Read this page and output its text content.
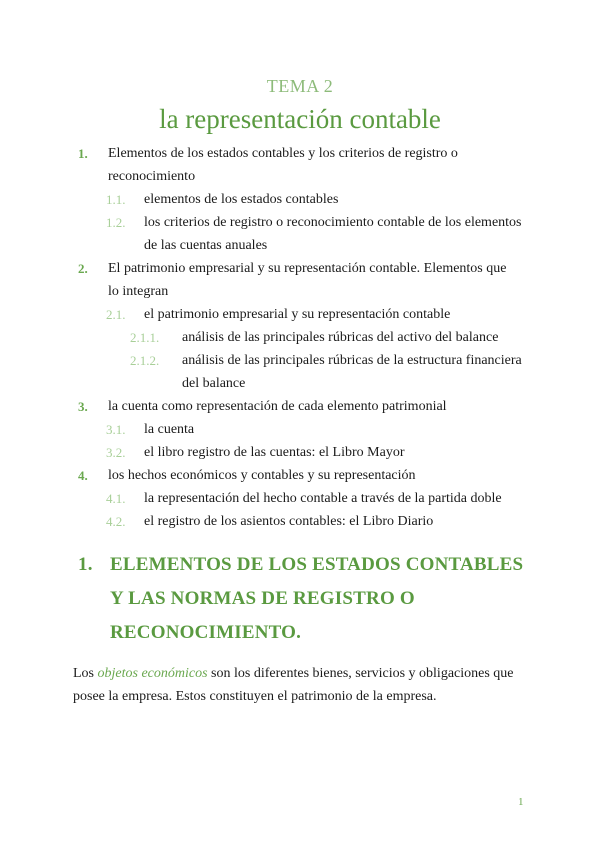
TEMA 2
la representación contable
1. Elementos de los estados contables y los criterios de registro o
reconocimiento
1.1. elementos de los estados contables
1.2. los criterios de registro o reconocimiento contable de los elementos
de las cuentas anuales
2. El patrimonio empresarial y su representación contable. Elementos que
lo integran
2.1. el patrimonio empresarial y su representación contable
2.1.1. análisis de las principales rúbricas del activo del balance
2.1.2. análisis de las principales rúbricas de la estructura financiera
del balance
3. la cuenta como representación de cada elemento patrimonial
3.1. la cuenta
3.2. el libro registro de las cuentas: el Libro Mayor
4. los hechos económicos y contables y su representación
4.1. la representación del hecho contable a través de la partida doble
4.2. el registro de los asientos contables: el Libro Diario
1. ELEMENTOS DE LOS ESTADOS CONTABLES
Y LAS NORMAS DE REGISTRO O
RECONOCIMIENTO.
Los objetos económicos son los diferentes bienes, servicios y obligaciones que
posee la empresa. Estos constituyen el patrimonio de la empresa.
1
